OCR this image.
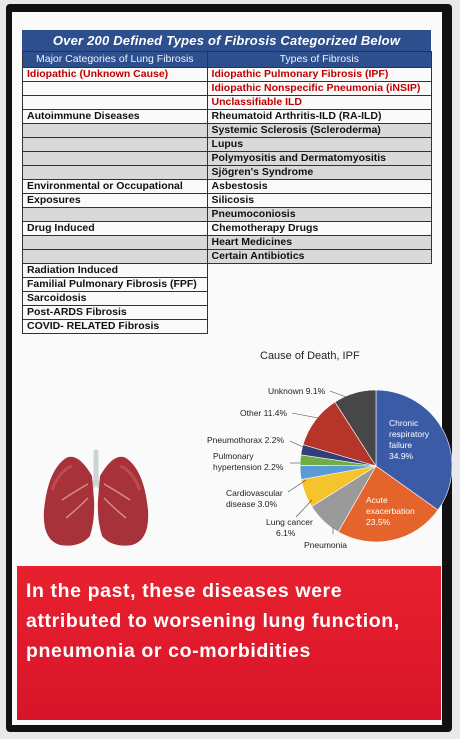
Over 200 Defined Types of Fibrosis Categorized Below
Major Categories of Lung Fibrosis	Types of Fibrosis
Idiopathic (Unknown Cause)	Idiopathic Pulmonary Fibrosis (IPF)
	Idiopathic Nonspecific Pneumonia (iNSIP)
	Unclassifiable ILD
Autoimmune Diseases	Rheumatoid Arthritis-ILD (RA-ILD)
	Systemic Sclerosis (Scleroderma)
	Lupus
	Polymyositis and Dermatomyositis
	Sjögren's Syndrome
Environmental or Occupational	Asbestosis
Exposures	Silicosis
	Pneumoconiosis
Drug Induced	Chemotherapy Drugs
	Heart Medicines
	Certain Antibiotics
Radiation Induced	
Familial Pulmonary Fibrosis (FPF)	
Sarcoidosis	
Post-ARDS Fibrosis	
COVID- RELATED Fibrosis	
Cause of Death, IPF
Chronic
respiratory
failure
34.9%
Acute
exacerbation
23.5%
Unknown 9.1%
Other 11.4%
Pneumothorax 2.2%
Pulmonary
hypertension 2.2%
Cardiovascular
disease 3.0%
Lung cancer
6.1%
Pneumonia

In the past, these diseases were attributed to worsening lung function, pneumonia or co-morbidities
